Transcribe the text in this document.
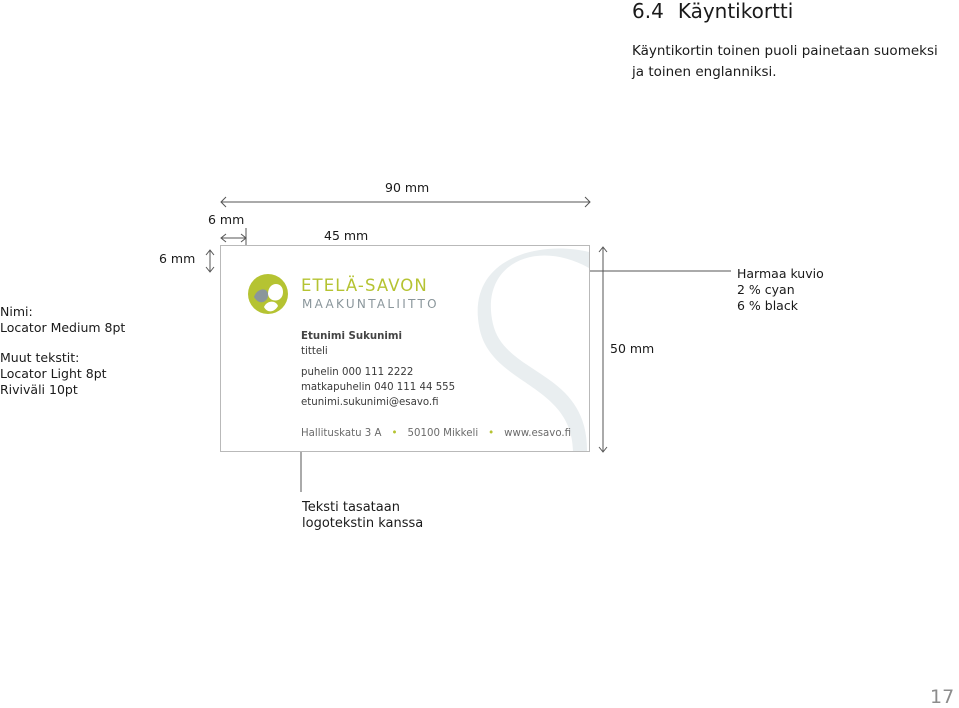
6.4 Käyntikortti
Käyntikortin toinen puoli painetaan suomeksi
ja toinen englanniksi.
90 mm
6 mm
45 mm
6 mm
50 mm
Nimi:
Locator Medium 8pt
Muut tekstit:
Locator Light 8pt
Riviväli 10pt
Harmaa kuvio
2 % cyan
6 % black
ETELÄ-SAVON
MAAKUNTALIITTO
Etunimi Sukunimi
titteli
puhelin 000 111 2222
matkapuhelin 040 111 44 555
etunimi.sukunimi@esavo.fi
Hallituskatu 3 A • 50100 Mikkeli • www.esavo.fi
Teksti tasataan
logotekstin kanssa
17
